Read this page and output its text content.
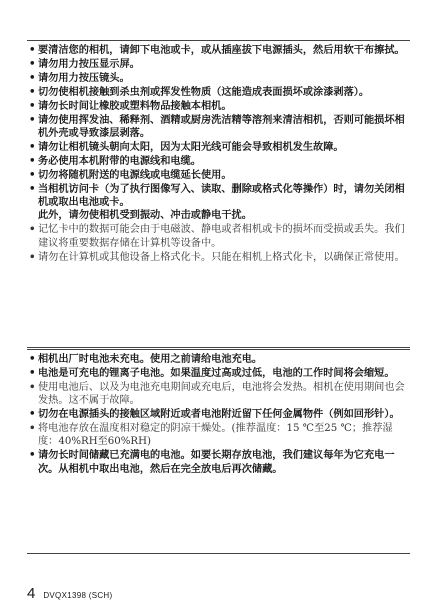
• 要清洁您的相机，请卸下电池或卡，或从插座拔下电源插头，然后用软干布擦拭。
• 请勿用力按压显示屏。
• 请勿用力按压镜头。
• 切勿使相机接触到杀虫剂或挥发性物质（这能造成表面损坏或涂漆剥落）。
• 请勿长时间让橡胶或塑料物品接触本相机。
• 请勿使用挥发油、稀释剂、酒精或厨房洗洁精等溶剂来清洁相机，否则可能损坏相机外壳或导致漆层剥落。
• 请勿让相机镜头朝向太阳，因为太阳光线可能会导致相机发生故障。
• 务必使用本机附带的电源线和电缆。
• 切勿将随机附送的电源线或电缆延长使用。
• 当相机访问卡（为了执行图像写入、读取、删除或格式化等操作）时，请勿关闭相机或取出电池或卡。
此外，请勿使相机受到振动、冲击或静电干扰。
• 记忆卡中的数据可能会由于电磁波、静电或者相机或卡的损坏而受损或丢失。我们建议将重要数据存储在计算机等设备中。
• 请勿在计算机或其他设备上格式化卡。只能在相机上格式化卡，以确保正常使用。
• 相机出厂时电池未充电。使用之前请给电池充电。
• 电池是可充电的锂离子电池。如果温度过高或过低，电池的工作时间将会缩短。
• 使用电池后、以及为电池充电期间或充电后，电池将会发热。相机在使用期间也会发热。这不属于故障。
• 切勿在电源插头的接触区域附近或者电池附近留下任何金属物件（例如回形针）。
• 将电池存放在温度相对稳定的阴凉干燥处。(推荐温度：15 ℃至25 ℃；推荐湿度：40%RH至60%RH)
• 请勿长时间储藏已充满电的电池。如要长期存放电池，我们建议每年为它充电一次。从相机中取出电池，然后在完全放电后再次储藏。
4 DVQX1398 (SCH)
